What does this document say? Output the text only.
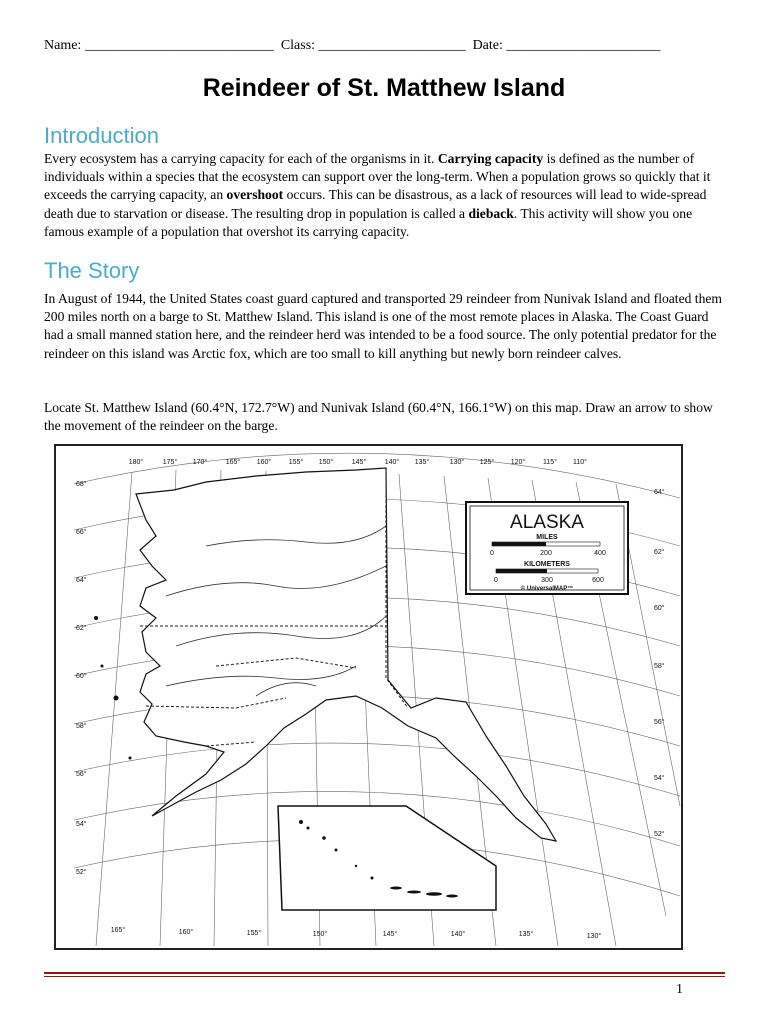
Name: ___________________________ Class: _____________________ Date: ______________________
Reindeer of St. Matthew Island
Introduction
Every ecosystem has a carrying capacity for each of the organisms in it. Carrying capacity is defined as the number of individuals within a species that the ecosystem can support over the long-term. When a population grows so quickly that it exceeds the carrying capacity, an overshoot occurs. This can be disastrous, as a lack of resources will lead to wide-spread death due to starvation or disease. The resulting drop in population is called a dieback. This activity will show you one famous example of a population that overshot its carrying capacity.
The Story
In August of 1944, the United States coast guard captured and transported 29 reindeer from Nunivak Island and floated them 200 miles north on a barge to St. Matthew Island. This island is one of the most remote places in Alaska. The Coast Guard had a small manned station here, and the reindeer herd was intended to be a food source. The only potential predator for the reindeer on this island was Arctic fox, which are too small to kill anything but newly born reindeer calves.
Locate St. Matthew Island (60.4°N, 172.7°W) and Nunivak Island (60.4°N, 166.1°W) on this map. Draw an arrow to show the movement of the reindeer on the barge.
180°	175° 170°	165° 160°	155° 150°	145°	140° 135°	130° 125° 120°	115° 110°
165°	160°	155°	150°	145°	140°	135°	130°
68°
66°
64°
62°
60°
58°
56°
54°
52°
64°
62°
60°
58°
56°
54°
52°
ALASKA
MILES
0	200	400
KILOMETERS
0	300	600
© UniversalMAP™
1
